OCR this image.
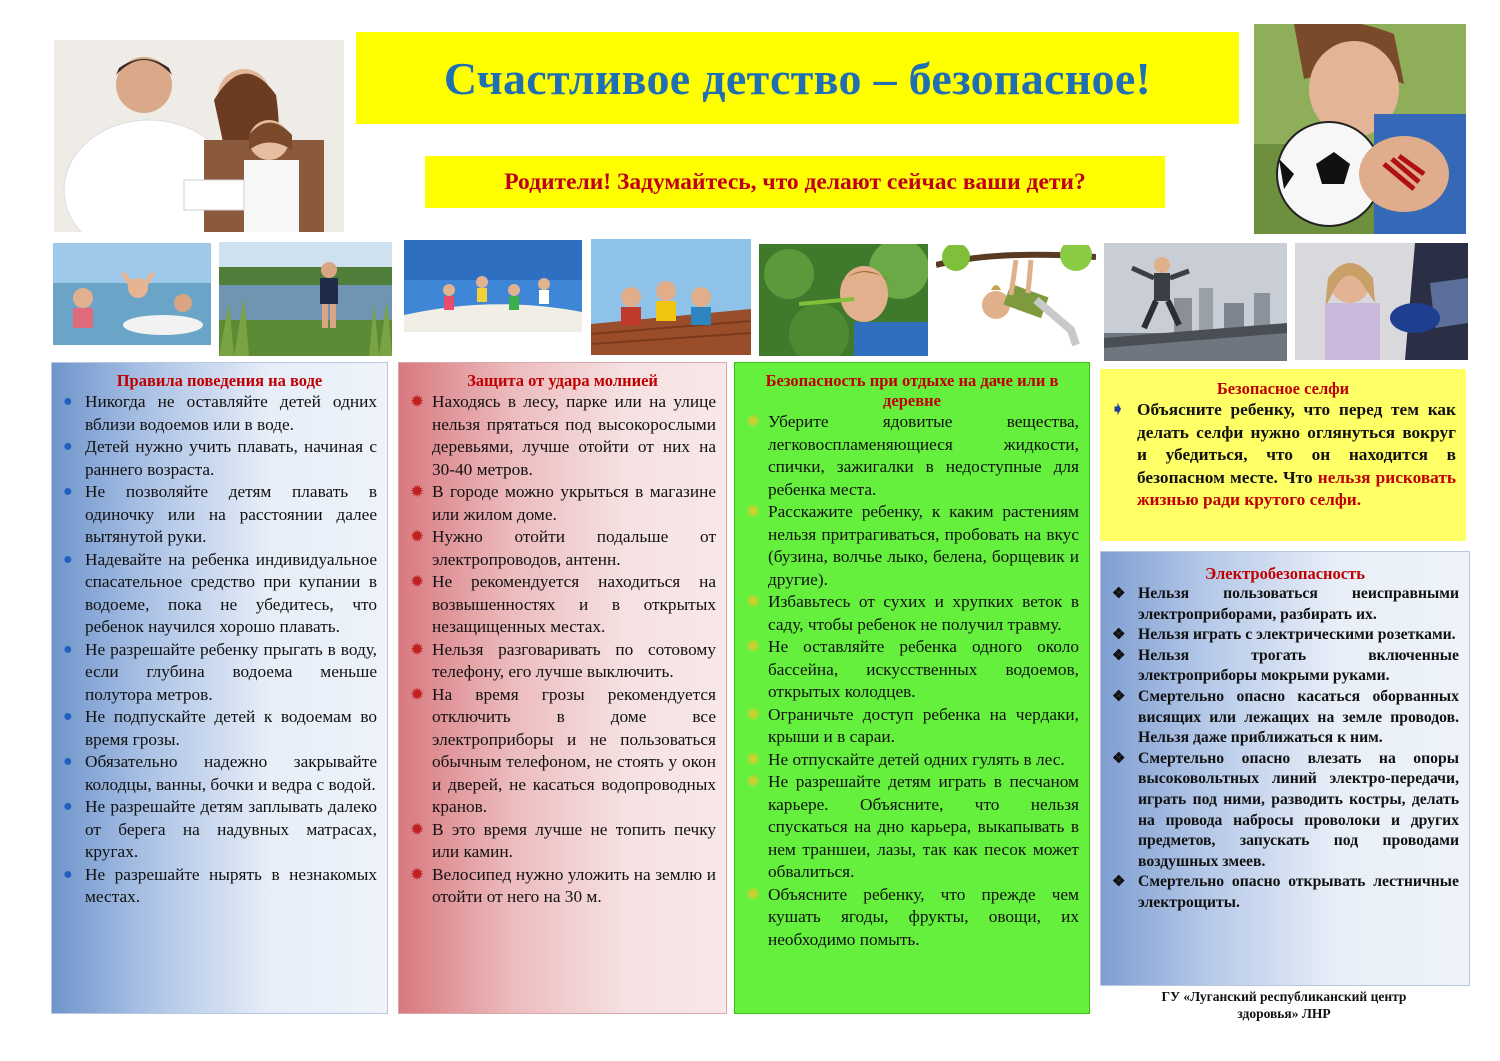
Счастливое детство – безопасное!
Родители! Задумайтесь, что делают сейчас ваши дети?
Правила поведения на воде
● Никогда не оставляйте детей одних вблизи водоемов или в воде.
● Детей нужно учить плавать, начиная с раннего возраста.
● Не позволяйте детям плавать в одиночку или на расстоянии далее вытянутой руки.
● Надевайте на ребенка индивидуальное спасательное средство при купании в водоеме, пока не убедитесь, что ребенок научился хорошо плавать.
● Не разрешайте ребенку прыгать в воду, если глубина водоема меньше полутора метров.
● Не подпускайте детей к водоемам во время грозы.
● Обязательно надежно закрывайте колодцы, ванны, бочки и ведра с водой.
● Не разрешайте детям заплывать далеко от берега на надувных матрасах, кругах.
● Не разрешайте нырять в незнакомых местах.
Защита от удара молнией
✹ Находясь в лесу, парке или на улице нельзя прятаться под высокорослыми деревьями, лучше отойти от них на 30-40 метров.
✹ В городе можно укрыться в магазине или жилом доме.
✹ Нужно отойти подальше от электропроводов, антенн.
✹ Не рекомендуется находиться на возвышенностях и в открытых незащищенных местах.
✹ Нельзя разговаривать по сотовому телефону, его лучше выключить.
✹ На время грозы рекомендуется отключить в доме все электроприборы и не пользоваться обычным телефоном, не стоять у окон и дверей, не касаться водопроводных кранов.
✹ В это время лучше не топить печку или камин.
✹ Велосипед нужно уложить на землю и отойти от него на 30 м.
Безопасность при отдыхе на даче или в деревне
✺ Уберите ядовитые вещества, легковоспламеняющиеся жидкости, спички, зажигалки в недоступные для ребенка места.
✺ Расскажите ребенку, к каким растениям нельзя притрагиваться, пробовать на вкус (бузина, волчье лыко, белена, борщевик и другие).
✺ Избавьтесь от сухих и хрупких веток в саду, чтобы ребенок не получил травму.
✺ Не оставляйте ребенка одного около бассейна, искусственных водоемов, открытых колодцев.
✺ Ограничьте доступ ребенка на чердаки, крыши и в сараи.
✺ Не отпускайте детей одних гулять в лес.
✺ Не разрешайте детям играть в песчаном карьере. Объясните, что нельзя спускаться на дно карьера, выкапывать в нем траншеи, лазы, так как песок может обвалиться.
✺ Объясните ребенку, что прежде чем кушать ягоды, фрукты, овощи, их необходимо помыть.
Безопасное селфи
➧ Объясните ребенку, что перед тем как делать селфи нужно оглянуться вокруг и убедиться, что он находится в безопасном месте. Что нельзя рисковать жизнью ради крутого селфи.
Электробезопасность
❖ Нельзя пользоваться неисправными электроприборами, разбирать их.
❖ Нельзя играть с электрическими розетками.
❖ Нельзя трогать включенные электроприборы мокрыми руками.
❖ Смертельно опасно касаться оборванных висящих или лежащих на земле проводов. Нельзя даже приближаться к ним.
❖ Смертельно опасно влезать на опоры высоковольтных линий электро-передачи, играть под ними, разводить костры, делать на провода набросы проволоки и других предметов, запускать под проводами воздушных змеев.
❖ Смертельно опасно открывать лестничные электрощиты.
ГУ «Луганский республиканский центр
здоровья» ЛНР
